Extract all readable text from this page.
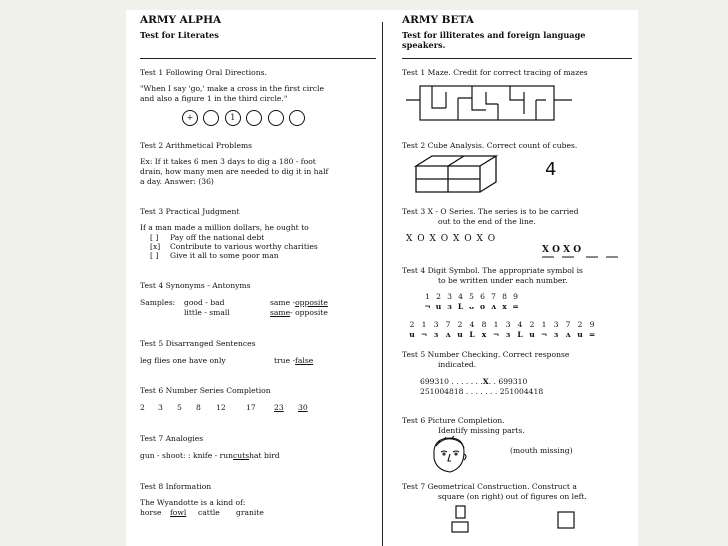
ARMY ALPHA
Test for Literates
Test 1 Following Oral Directions.
"When I say 'go,' make a cross in the first circle
and also a figure 1 in the third circle."
+	1
Test 2 Arithmetical Problems
Ex: If it takes 6 men 3 days to dig a 180 - foot
drain, how many men are needed to dig it in half
a day. Answer: (36)
Test 3 Practical Judgment
If a man made a million dollars, he ought to
[ ] Pay off the national debt
[x] Contribute to various worthy charities
[ ] Give it all to some poor man
Test 4 Synonyms - Antonyms
Samples: good - bad	same -opposite
little - small	same- opposite
Test 5 Disarranged Sentences
leg flies one have only	true -false
Test 6 Number Series Completion
2 3 5 8 12	17 23 30
Test 7 Analogies
gun - shoot: : knife - runcutshat bird
Test 8 Information
The Wyandotte is a kind of:
horse fowl cattle granite
ARMY BETA
Test for illiterates and foreign language
speakers.
Test 1 Maze. Credit for correct tracing of mazes
Test 2 Cube Analysis. Correct count of cubes.
4
Test 3 X - O Series. The series is to be carried
out to the end of the line.
X O X O X O X O
X O X O
Test 4 Digit Symbol. The appropriate symbol is
to be written under each number.
1 2 3 4 5 6 7 8 9
¬ u ɜ L ᴗ o ʌ x =
2 1 3 7 2 4 8 1 3 4 2 1 3 7 2 9
u ¬ ɜ ʌ u L x ¬ ɜ L u ¬ ɜ ʌ u =
Test 5 Number Checking. Correct response
indicated.
699310 . . . . . . .X. . 699310
251004818 . . . . . . . 251004418
Test 6 Picture Completion.
Identify missing parts.
(mouth missing)
Test 7 Geometrical Construction. Construct a
square (on right) out of figures on left.
